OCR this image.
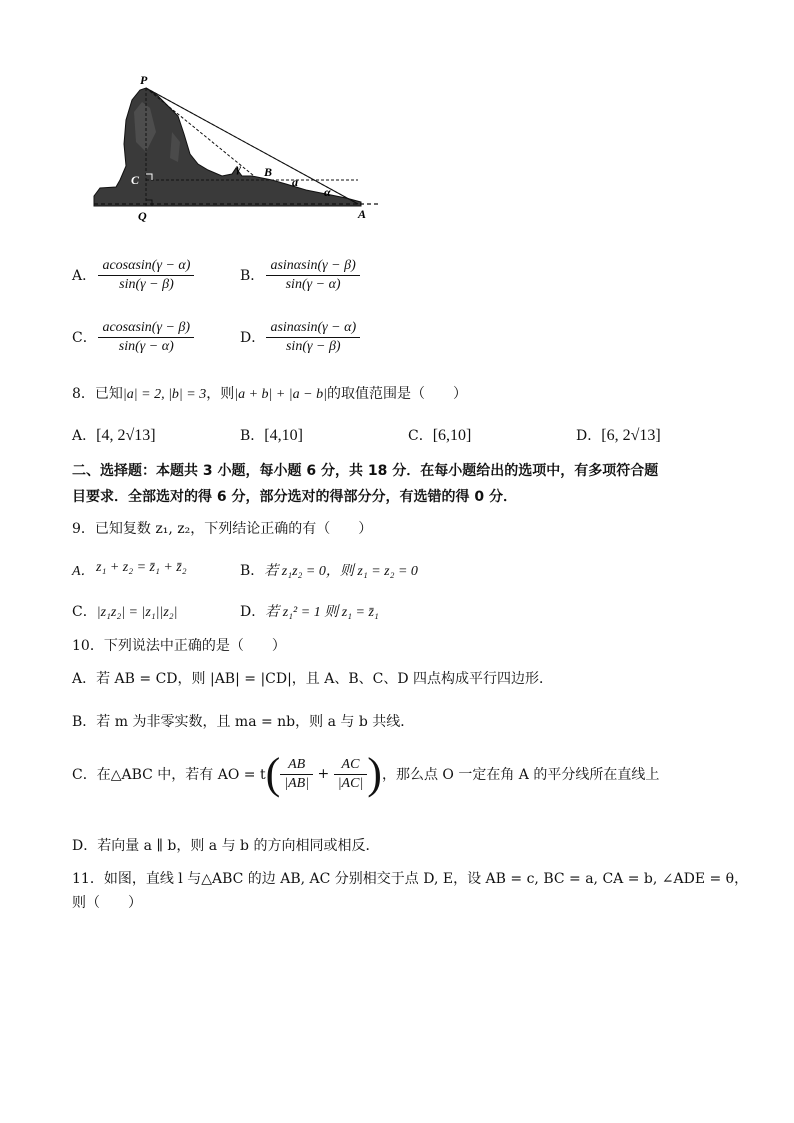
P
C
Q	A
B
a
α
γ
A． $\frac{acos\alpha\sin(\gamma - \alpha)}{\sin(\gamma - \beta)}$	B． $\frac{asin\alpha\sin(\gamma - \beta)}{\sin(\gamma - \alpha)}$
C． $\frac{acos\alpha\sin(\gamma - \beta)}{\sin(\gamma - \alpha)}$	D． $\frac{asin\alpha\sin(\gamma - \alpha)}{\sin(\gamma - \beta)}$
8．已知|a| = 2, |b| = 3，则|a + b| + |a − b|的取值范围是（　　）
A．[4, 2√13]	B．[4,10]	C．[6,10]	D．[6, 2√13]
二、选择题：本题共 3 小题，每小题 6 分，共 18 分．在每小题给出的选项中，有多项符合题
目要求．全部选对的得 6 分，部分选对的得部分分，有选错的得 0 分．
9．已知复数 z₁, z₂，下列结论正确的有（　　）
A． z₁ + z₂ = z̄₁ + z̄₂	B．若 z₁z₂ = 0，则 z₁ = z₂ = 0
C．|z₁z₂| = |z₁||z₂|	D．若 z₁² = 1 则 z₁ = z̄₁
10．下列说法中正确的是（　　）
A．若 AB = CD，则 |AB| = |CD|，且 A、B、C、D 四点构成平行四边形．
B．若 m 为非零实数，且 ma = nb，则 a 与 b 共线．
C．在△ABC 中，若有 AO = $t( \frac{AB}{|AB|} + \frac{AC}{|AC|}$ )，那么点 O 一定在角 A 的平分线所在直线上
D．若向量 a ∥ b，则 a 与 b 的方向相同或相反．
11．如图，直线 l 与△ABC 的边 AB, AC 分别相交于点 D, E，设 AB = c, BC = a, CA = b, ∠ADE = θ，
则（　　）
